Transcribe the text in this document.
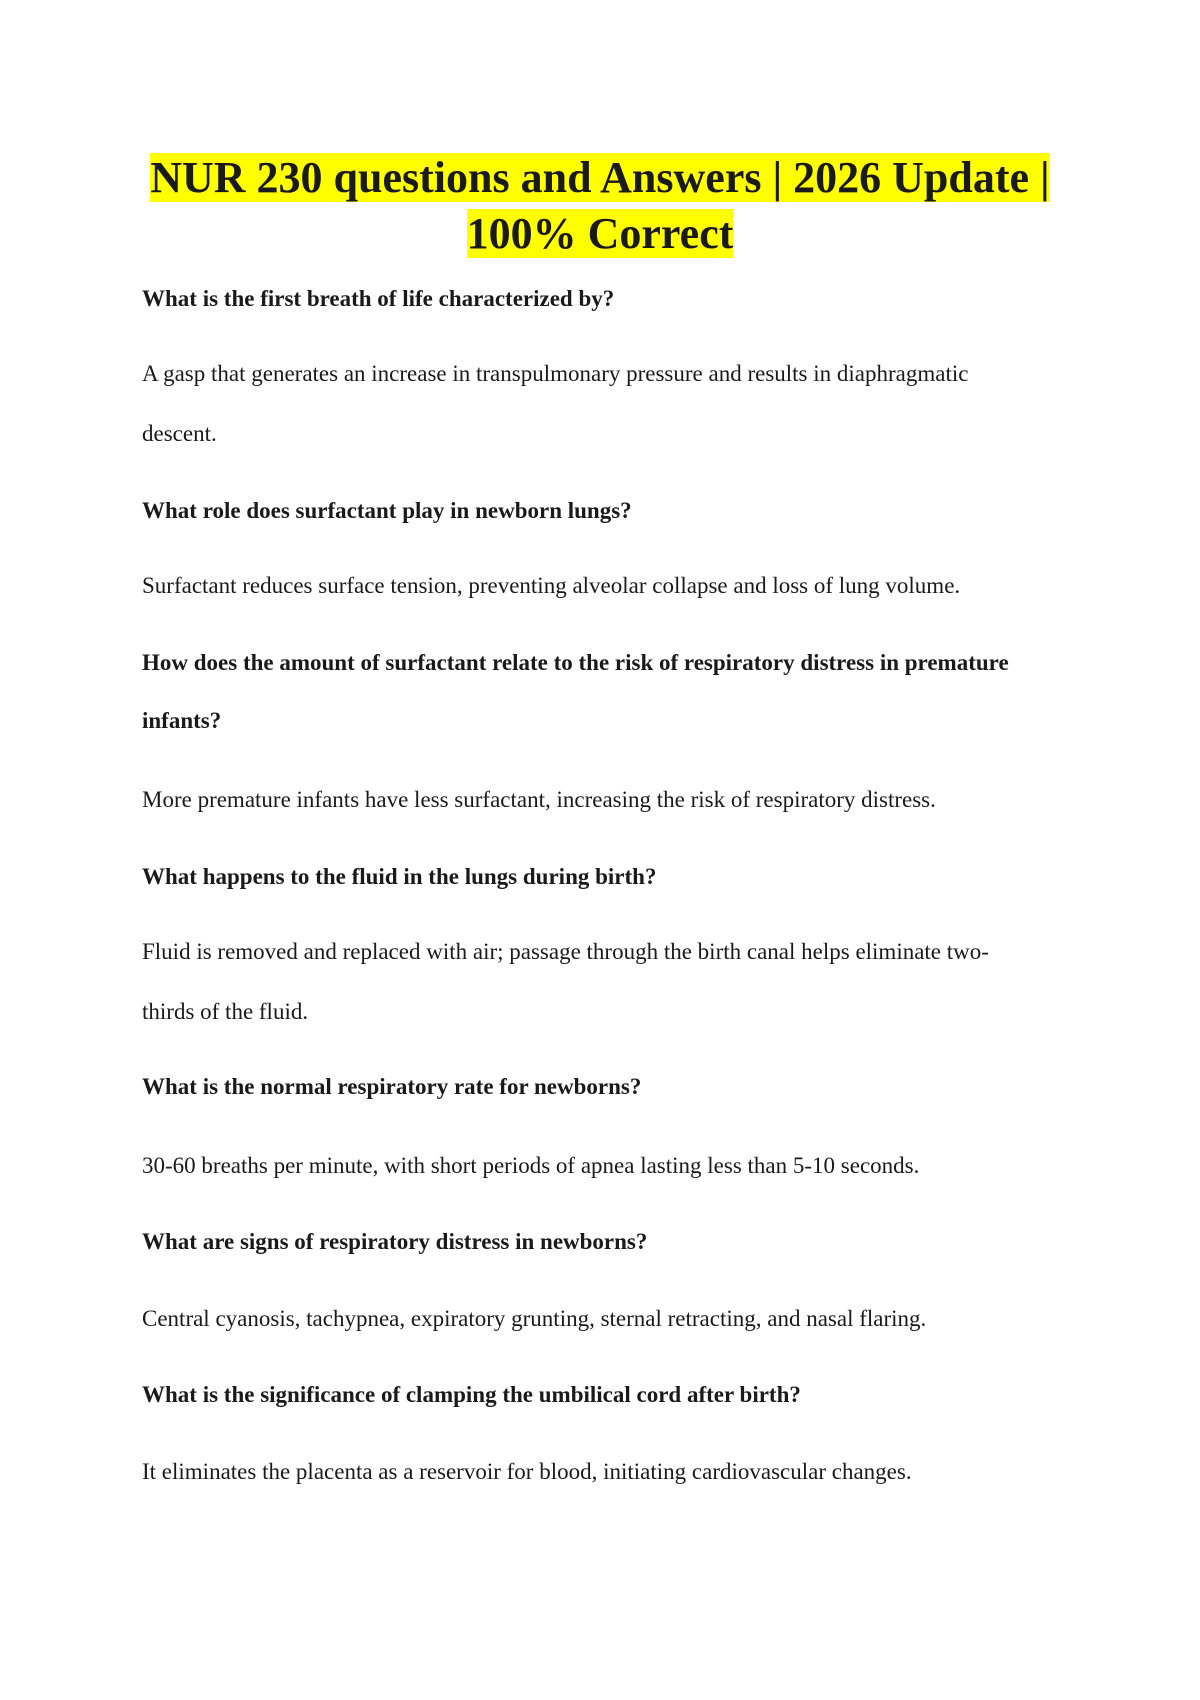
NUR 230 questions and Answers | 2026 Update |
100% Correct

What is the first breath of life characterized by?

A gasp that generates an increase in transpulmonary pressure and results in diaphragmatic

descent.

What role does surfactant play in newborn lungs?

Surfactant reduces surface tension, preventing alveolar collapse and loss of lung volume.

How does the amount of surfactant relate to the risk of respiratory distress in premature

infants?

More premature infants have less surfactant, increasing the risk of respiratory distress.

What happens to the fluid in the lungs during birth?

Fluid is removed and replaced with air; passage through the birth canal helps eliminate two-

thirds of the fluid.

What is the normal respiratory rate for newborns?

30-60 breaths per minute, with short periods of apnea lasting less than 5-10 seconds.

What are signs of respiratory distress in newborns?

Central cyanosis, tachypnea, expiratory grunting, sternal retracting, and nasal flaring.

What is the significance of clamping the umbilical cord after birth?

It eliminates the placenta as a reservoir for blood, initiating cardiovascular changes.
